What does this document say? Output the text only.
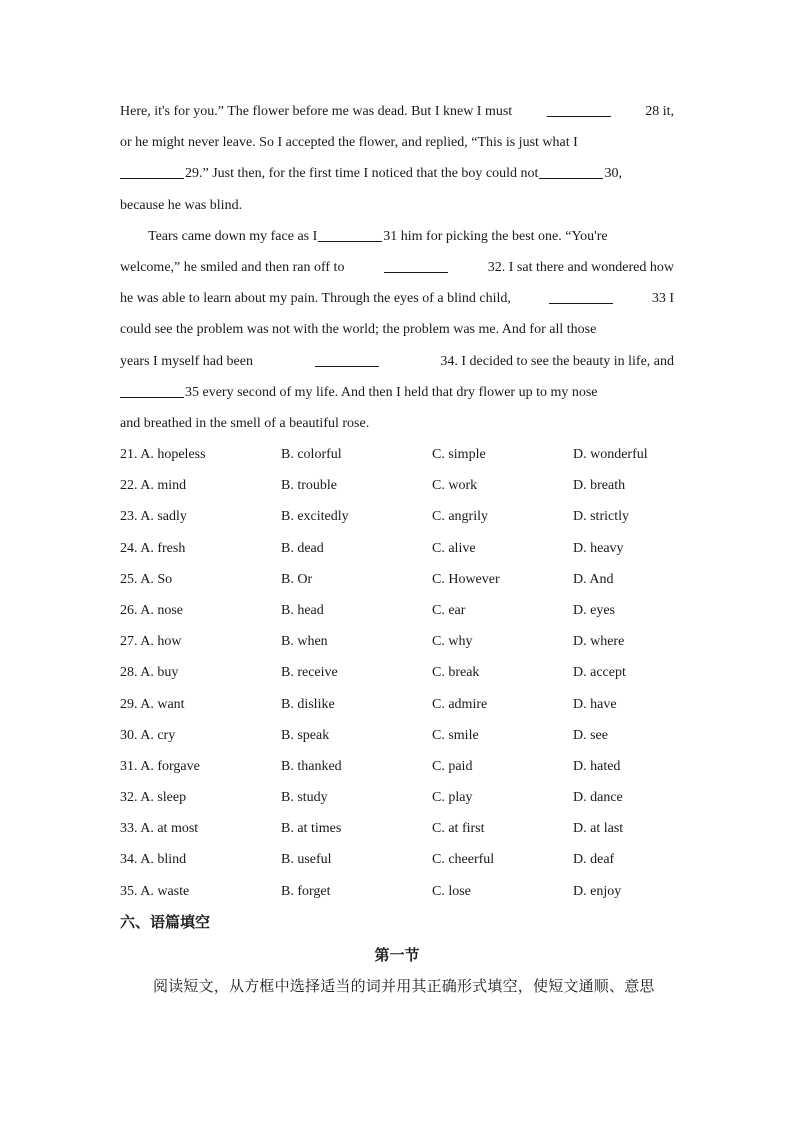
Here, it's for you.” The flower before me was dead. But I knew I must	28 it,
or he might never leave. So I accepted the flower, and replied, “This is just what I
29.” Just then, for the first time I noticed that the boy could not	30,
because he was blind.
Tears came down my face as I	31 him for picking the best one. “You're
welcome,” he smiled and then ran off to	32. I sat there and wondered how
he was able to learn about my pain. Through the eyes of a blind child,	33 I
could see the problem was not with the world; the problem was me. And for all those
years I myself had been	34. I decided to see the beauty in life, and
35 every second of my life. And then I held that dry flower up to my nose
and breathed in the smell of a beautiful rose.
21. A. hopeless	B. colorful	C. simple	D. wonderful
22. A. mind	B. trouble	C. work	D. breath
23. A. sadly	B. excitedly	C. angrily	D. strictly
24. A. fresh	B. dead	C. alive	D. heavy
25. A. So	B. Or	C. However	D. And
26. A. nose	B. head	C. ear	D. eyes
27. A. how	B. when	C. why	D. where
28. A. buy	B. receive	C. break	D. accept
29. A. want	B. dislike	C. admire	D. have
30. A. cry	B. speak	C. smile	D. see
31. A. forgave	B. thanked	C. paid	D. hated
32. A. sleep	B. study	C. play	D. dance
33. A. at most	B. at times	C. at first	D. at last
34. A. blind	B. useful	C. cheerful	D. deaf
35. A. waste	B. forget	C. lose	D. enjoy
六、语篇填空
第一节
阅读短文，从方框中选择适当的词并用其正确形式填空，使短文通顺、意思
